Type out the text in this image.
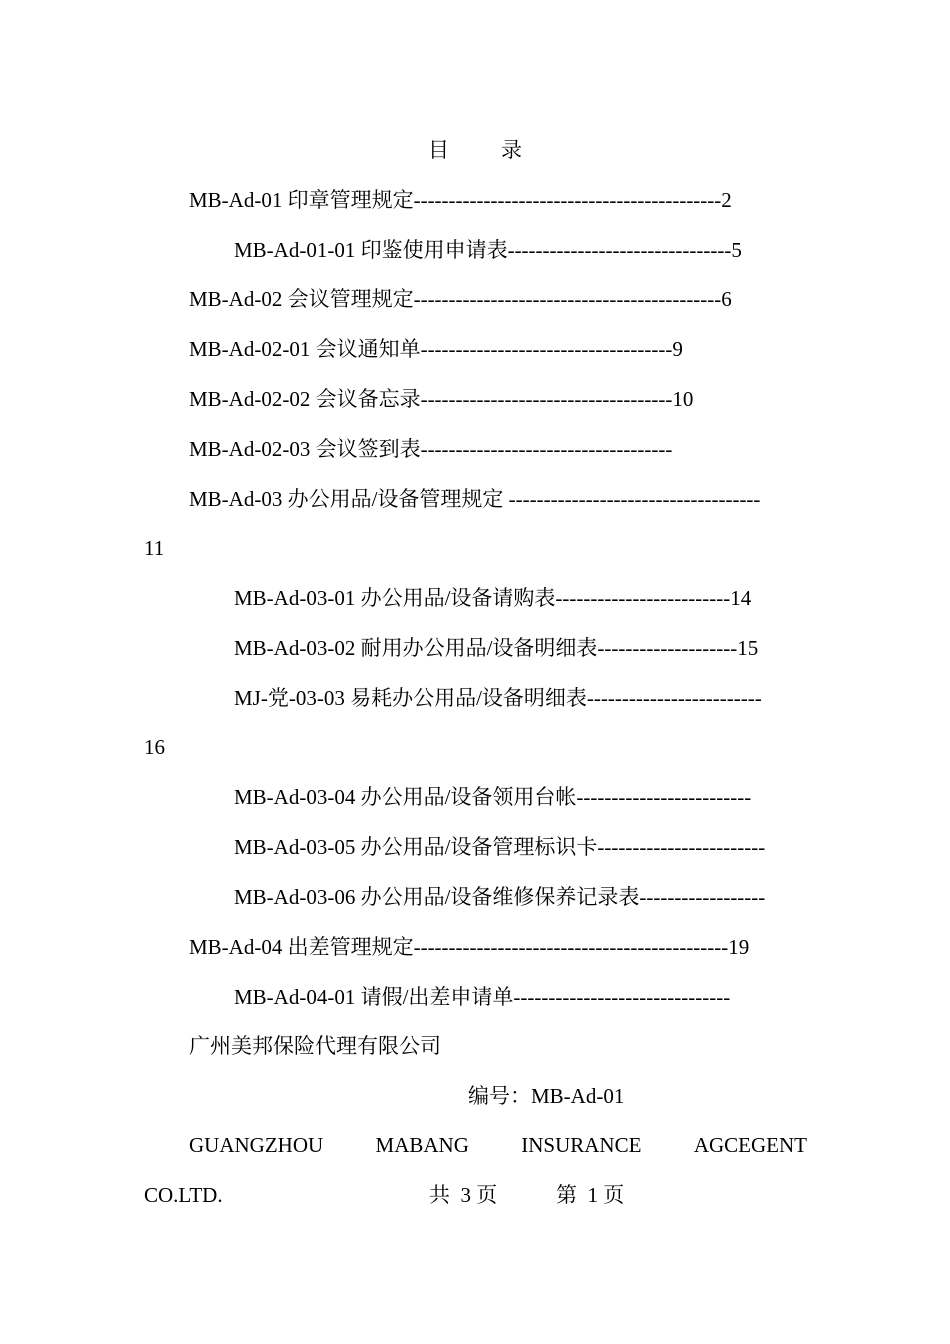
目 录
MB-Ad-01 印章管理规定--------------------------------------------2
MB-Ad-01-01 印鉴使用申请表--------------------------------5
MB-Ad-02 会议管理规定--------------------------------------------6
MB-Ad-02-01 会议通知单------------------------------------9
MB-Ad-02-02 会议备忘录------------------------------------10
MB-Ad-02-03 会议签到表------------------------------------
MB-Ad-03 办公用品/设备管理规定 ------------------------------------
11
MB-Ad-03-01 办公用品/设备请购表-------------------------14
MB-Ad-03-02 耐用办公用品/设备明细表--------------------15
MJ-党-03-03 易耗办公用品/设备明细表-------------------------
16
MB-Ad-03-04 办公用品/设备领用台帐-------------------------
MB-Ad-03-05 办公用品/设备管理标识卡------------------------
MB-Ad-03-06 办公用品/设备维修保养记录表------------------
MB-Ad-04 出差管理规定---------------------------------------------19
MB-Ad-04-01 请假/出差申请单-------------------------------
广州美邦保险代理有限公司
编号：MB-Ad-01
GUANGZHOU MABANG INSURANCE AGCEGENT
CO.LTD.	共  3 页	第  1 页
